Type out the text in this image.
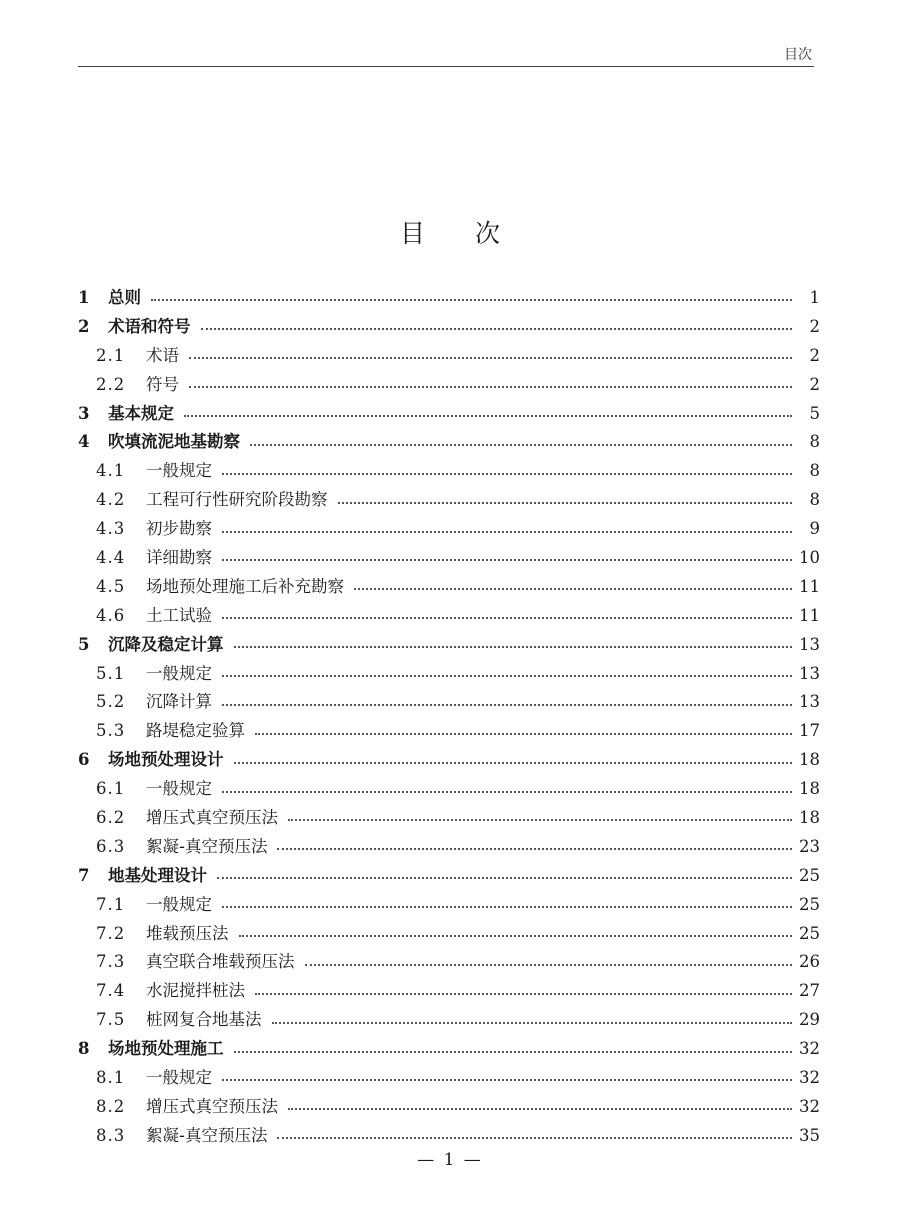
目次
目次
1	总则	1
2	术语和符号	2
2.1	术语	2
2.2	符号	2
3	基本规定	5
4	吹填流泥地基勘察	8
4.1	一般规定	8
4.2	工程可行性研究阶段勘察	8
4.3	初步勘察	9
4.4	详细勘察	10
4.5	场地预处理施工后补充勘察	11
4.6	土工试验	11
5	沉降及稳定计算	13
5.1	一般规定	13
5.2	沉降计算	13
5.3	路堤稳定验算	17
6	场地预处理设计	18
6.1	一般规定	18
6.2	增压式真空预压法	18
6.3	絮凝-真空预压法	23
7	地基处理设计	25
7.1	一般规定	25
7.2	堆载预压法	25
7.3	真空联合堆载预压法	26
7.4	水泥搅拌桩法	27
7.5	桩网复合地基法	29
8	场地预处理施工	32
8.1	一般规定	32
8.2	增压式真空预压法	32
8.3	絮凝-真空预压法	35
— 1 —
